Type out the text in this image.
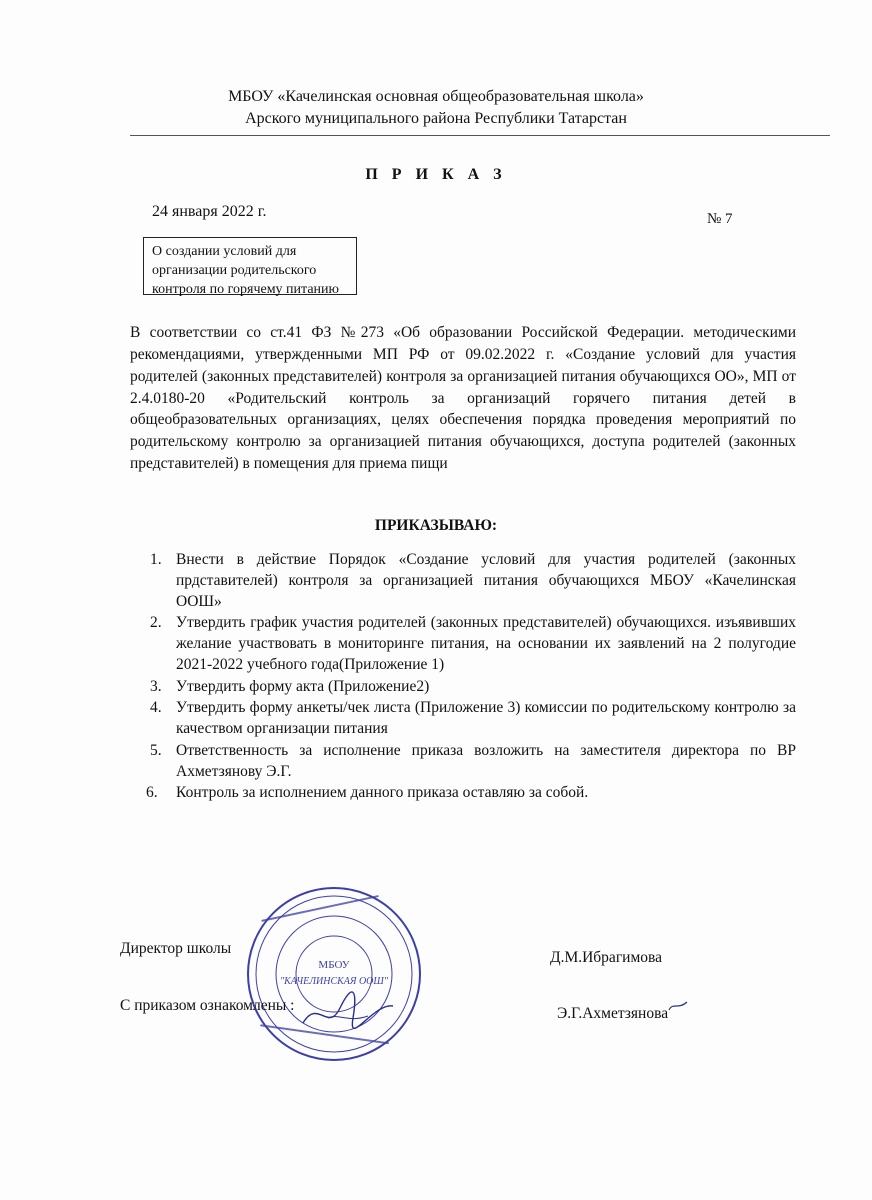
МБОУ «Качелинская основная общеобразовательная школа»
Арского муниципального района Республики Татарстан
П Р И К А З
24 января 2022 г.	№ 7
О создании условий для
организации родительского
контроля по горячему питанию
В соответствии со ст.41 ФЗ №273 «Об образовании Российской Федерации. методическими рекомендациями, утвержденными МП РФ от 09.02.2022 г. «Создание условий для участия родителей (законных представителей) контроля за организацией питания обучающихся ОО», МП от 2.4.0180-20 «Родительский контроль за организаций горячего питания детей в общеобразовательных организациях, целях обеспечения порядка проведения мероприятий по родительскому контролю за организацией питания обучающихся, доступа родителей (законных представителей) в помещения для приема пищи
ПРИКАЗЫВАЮ:
1. Внести в действие Порядок «Создание условий для участия родителей (законных прдставителей) контроля за организацией питания обучающихся МБОУ «Качелинская ООШ»
2. Утвердить график участия родителей (законных представителей) обучающихся. изъявивших желание участвовать в мониторинге питания, на основании их заявлений на 2 полугодие 2021-2022 учебного года(Приложение 1)
3. Утвердить форму акта (Приложение2)
4. Утвердить форму анкеты/чек листа (Приложение 3) комиссии по родительскому контролю за качеством организации питания
5. Ответственность за исполнение приказа возложить на заместителя директора по ВР Ахметзянову Э.Г.
6. Контроль за исполнением данного приказа оставляю за собой.
МБОУ
"КАЧЕЛИНСКАЯ ООШ"
Директор школы
Д.М.Ибрагимова
С приказом ознакомлены :	Э.Г.Ахметзянова
